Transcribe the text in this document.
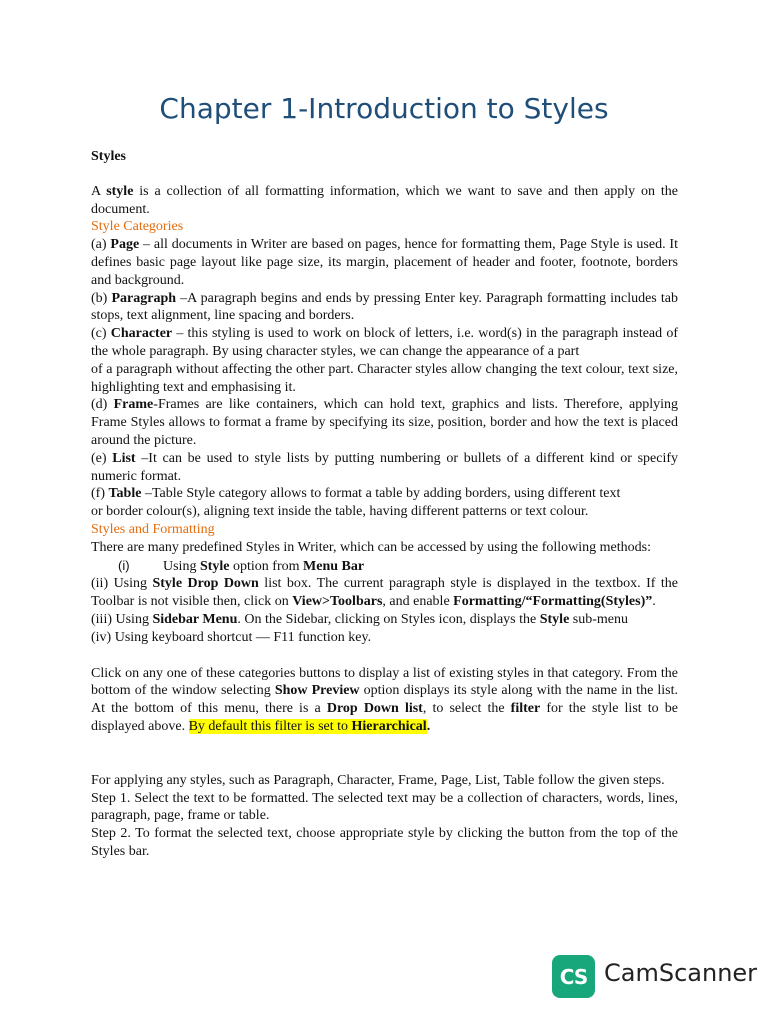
Chapter 1-Introduction to Styles

Styles

A style is a collection of all formatting information, which we want to save and then apply on the document.

Style Categories

(a) Page – all documents in Writer are based on pages, hence for formatting them, Page Style is used. It defines basic page layout like page size, its margin, placement of header and footer, footnote, borders and background.

(b) Paragraph –A paragraph begins and ends by pressing Enter key. Paragraph formatting includes tab stops, text alignment, line spacing and borders.

(c) Character – this styling is used to work on block of letters, i.e. word(s) in the paragraph instead of the whole paragraph. By using character styles, we can change the appearance of a part

of a paragraph without affecting the other part. Character styles allow changing the text colour, text size, highlighting text and emphasising it.

(d) Frame-Frames are like containers, which can hold text, graphics and lists. Therefore, applying Frame Styles allows to format a frame by specifying its size, position, border and how the text is placed around the picture.

(e) List –It can be used to style lists by putting numbering or bullets of a different kind or specify numeric format.

(f) Table –Table Style category allows to format a table by adding borders, using different text

or border colour(s), aligning text inside the table, having different patterns or text colour.

Styles and Formatting

There are many predefined Styles in Writer, which can be accessed by using the following methods:

(i) Using Style option from Menu Bar

(ii) Using Style Drop Down list box. The current paragraph style is displayed in the textbox. If the Toolbar is not visible then, click on View>Toolbars, and enable Formatting/“Formatting(Styles)”.

(iii) Using Sidebar Menu. On the Sidebar, clicking on Styles icon, displays the Style sub-menu

(iv) Using keyboard shortcut — F11 function key.

Click on any one of these categories buttons to display a list of existing styles in that category. From the bottom of the window selecting Show Preview option displays its style along with the name in the list. At the bottom of this menu, there is a Drop Down list, to select the filter for the style list to be displayed above. By default this filter is set to Hierarchical.

For applying any styles, such as Paragraph, Character, Frame, Page, List, Table follow the given steps.

Step 1. Select the text to be formatted. The selected text may be a collection of characters, words, lines, paragraph, page, frame or table.

Step 2. To format the selected text, choose appropriate style by clicking the button from the top of the Styles bar.

CS CamScanner
